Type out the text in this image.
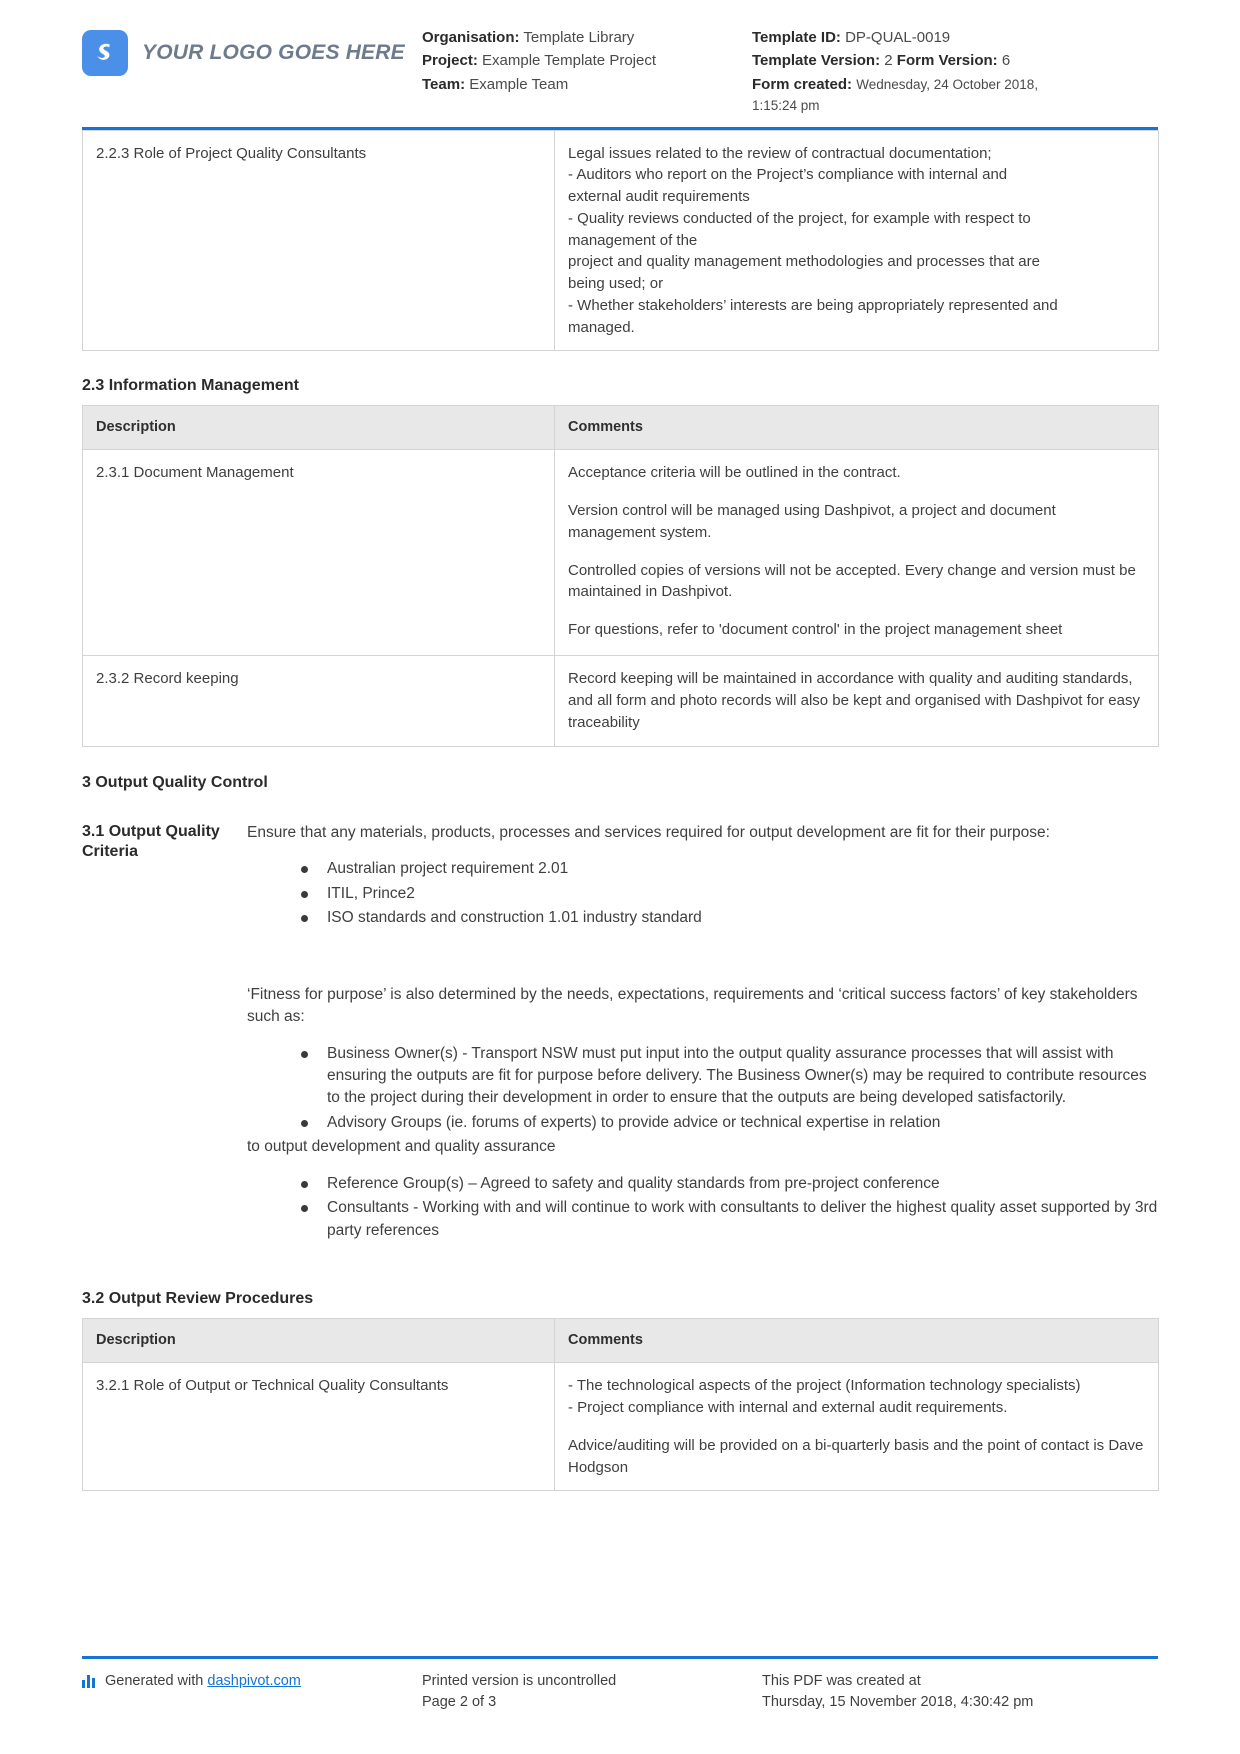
YOUR LOGO GOES HERE
Organisation: Template Library
Project: Example Template Project
Team: Example Team
Template ID: DP-QUAL-0019
Template Version: 2 Form Version: 6
Form created: Wednesday, 24 October 2018,
1:15:24 pm
2.2.3 Role of Project Quality Consultants	Legal issues related to the review of contractual documentation;

- Auditors who report on the Project’s compliance with internal and

external audit requirements

- Quality reviews conducted of the project, for example with respect to

management of the

project and quality management methodologies and processes that are

being used; or

- Whether stakeholders’ interests are being appropriately represented and

managed.

2.3 Information Management
Description	Comments
2.3.1 Document Management	Acceptance criteria will be outlined in the contract.

Version control will be managed using Dashpivot, a project and document management system.

Controlled copies of versions will not be accepted. Every change and version must be maintained in Dashpivot.

For questions, refer to 'document control' in the project management sheet

2.3.2 Record keeping	Record keeping will be maintained in accordance with quality and auditing standards, and all form and photo records will also be kept and organised with Dashpivot for easy traceability

3 Output Quality Control
3.1 Output Quality Criteria

Ensure that any materials, products, processes and services required for output development are fit for their purpose:

Australian project requirement 2.01
ITIL, Prince2
ISO standards and construction 1.01 industry standard

‘Fitness for purpose’ is also determined by the needs, expectations, requirements and ‘critical success factors’ of key stakeholders such as:

Business Owner(s) - Transport NSW must put input into the output quality assurance processes that will assist with ensuring the outputs are fit for purpose before delivery. The Business Owner(s) may be required to contribute resources to the project during their development in order to ensure that the outputs are being developed satisfactorily.
Advisory Groups (ie. forums of experts) to provide advice or technical expertise in relation

to output development and quality assurance

Reference Group(s) – Agreed to safety and quality standards from pre-project conference
Consultants - Working with and will continue to work with consultants to deliver the highest quality asset supported by 3rd party references
3.2 Output Review Procedures
Description	Comments
3.2.1 Role of Output or Technical Quality Consultants	- The technological aspects of the project (Information technology specialists)

- Project compliance with internal and external audit requirements.

Advice/auditing will be provided on a bi-quarterly basis and the point of contact is Dave Hodgson

Generated with dashpivot.com	Printed version is uncontrolled
Page 2 of 3
This PDF was created at
Thursday, 15 November 2018, 4:30:42 pm
